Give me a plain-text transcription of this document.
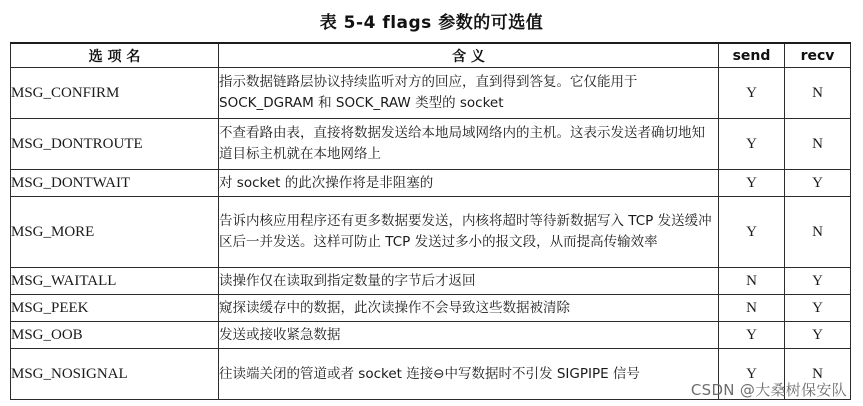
表 5-4 flags 参数的可选值
选 项 名	含 义	send	recv
MSG_CONFIRM	指示数据链路层协议持续监听对方的回应，直到得到答复。它仅能用于 SOCK_DGRAM 和 SOCK_RAW 类型的 socket	Y	N
MSG_DONTROUTE	不查看路由表，直接将数据发送给本地局域网络内的主机。这表示发送者确切地知道目标主机就在本地网络上	Y	N
MSG_DONTWAIT	对 socket 的此次操作将是非阻塞的	Y	Y
MSG_MORE	告诉内核应用程序还有更多数据要发送，内核将超时等待新数据写入 TCP 发送缓冲区后一并发送。这样可防止 TCP 发送过多小的报文段，从而提高传输效率	Y	N
MSG_WAITALL	读操作仅在读取到指定数量的字节后才返回	N	Y
MSG_PEEK	窥探读缓存中的数据，此次读操作不会导致这些数据被清除	N	Y
MSG_OOB	发送或接收紧急数据	Y	Y
MSG_NOSIGNAL	往读端关闭的管道或者 socket 连接⊖中写数据时不引发 SIGPIPE 信号	Y	N
CSDN @大桑树保安队
